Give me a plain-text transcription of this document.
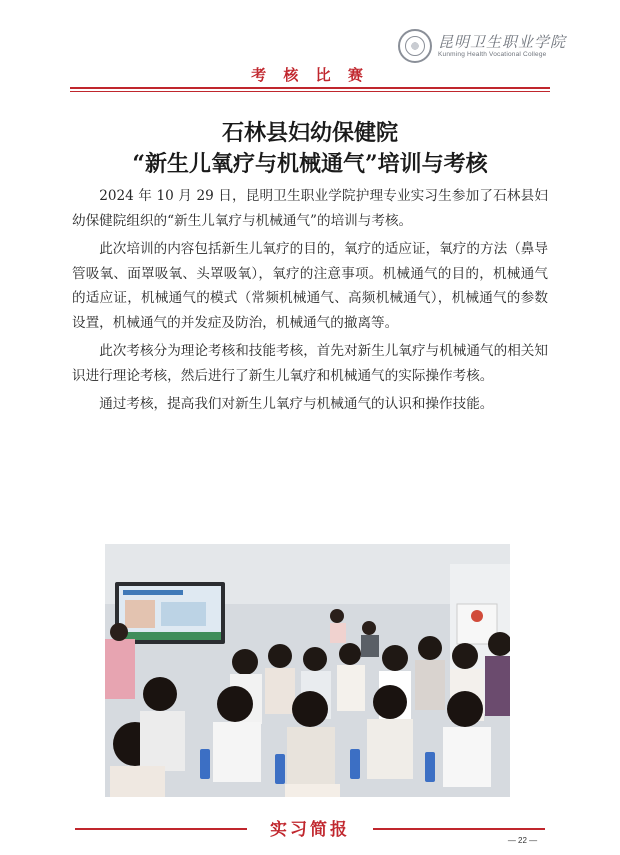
昆明卫生职业学院
Kunming Health Vocational College
考 核 比 赛
石林县妇幼保健院
“新生儿氧疗与机械通气”培训与考核

2024 年 10 月 29 日，昆明卫生职业学院护理专业实习生参加了石林县妇幼保健院组织的“新生儿氧疗与机械通气”的培训与考核。

此次培训的内容包括新生儿氧疗的目的，氧疗的适应证，氧疗的方法（鼻导管吸氧、面罩吸氧、头罩吸氧），氧疗的注意事项。机械通气的目的，机械通气的适应证，机械通气的模式（常频机械通气、高频机械通气），机械通气的参数设置，机械通气的并发症及防治，机械通气的撤离等。

此次考核分为理论考核和技能考核，首先对新生儿氧疗与机械通气的相关知识进行理论考核，然后进行了新生儿氧疗和机械通气的实际操作考核。

通过考核，提高我们对新生儿氧疗与机械通气的认识和操作技能。

实习简报
— 22 —
